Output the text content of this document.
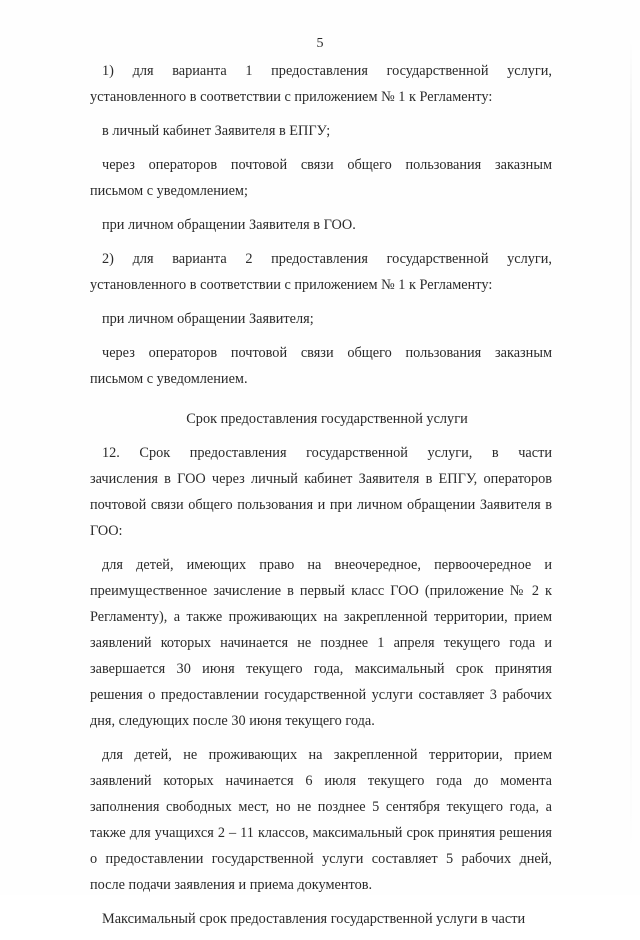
5
1) для варианта 1 предоставления государственной услуги,
установленного в соответствии с приложением № 1 к Регламенту:
в личный кабинет Заявителя в ЕПГУ;
через операторов почтовой связи общего пользования заказным
письмом с уведомлением;
при личном обращении Заявителя в ГОО.
2) для варианта 2 предоставления государственной услуги,
установленного в соответствии с приложением № 1 к Регламенту:
при личном обращении Заявителя;
через операторов почтовой связи общего пользования заказным
письмом с уведомлением.
Срок предоставления государственной услуги
12. Срок предоставления государственной услуги, в части
зачисления в ГОО через личный кабинет Заявителя в ЕПГУ, операторов
почтовой связи общего пользования и при личном обращении Заявителя в
ГОО:
для детей, имеющих право на внеочередное, первоочередное и
преимущественное зачисление в первый класс ГОО (приложение № 2 к
Регламенту), а также проживающих на закрепленной территории, прием
заявлений которых начинается не позднее 1 апреля текущего года и
завершается 30 июня текущего года, максимальный срок принятия
решения о предоставлении государственной услуги составляет 3 рабочих
дня, следующих после 30 июня текущего года.
для детей, не проживающих на закрепленной территории, прием
заявлений которых начинается 6 июля текущего года до момента
заполнения свободных мест, но не позднее 5 сентября текущего года, а
также для учащихся 2 – 11 классов, максимальный срок принятия решения
о предоставлении государственной услуги составляет 5 рабочих дней,
после подачи заявления и приема документов.
Максимальный срок предоставления государственной услуги в части
